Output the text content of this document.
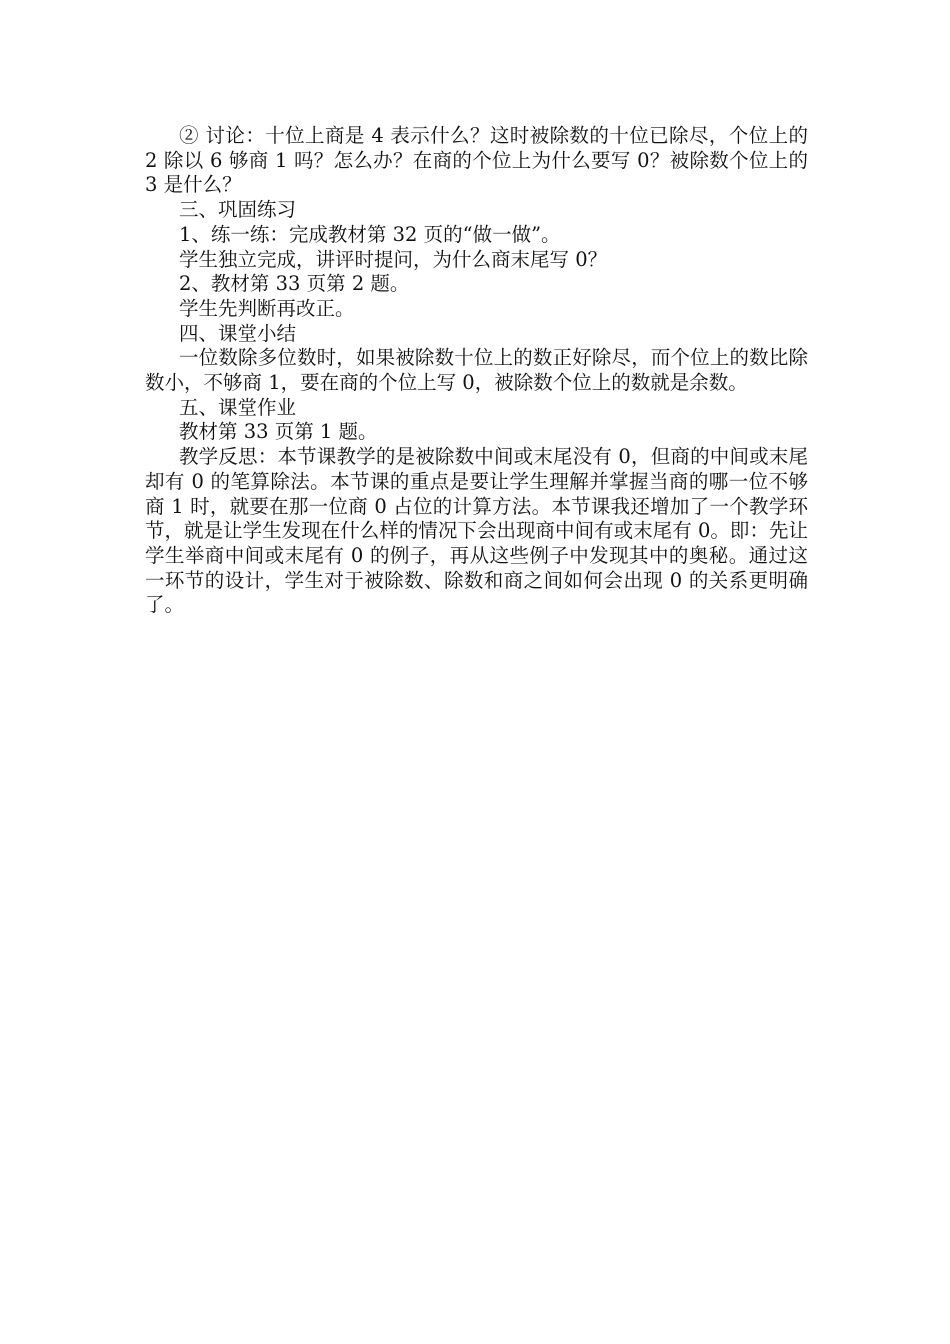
② 讨论：十位上商是 4 表示什么？这时被除数的十位已除尽，个位上的 2 除以 6 够商 1 吗？怎么办？在商的个位上为什么要写 0？被除数个位上的 3 是什么？

三、巩固练习

1、练一练：完成教材第 32 页的“做一做”。

学生独立完成，讲评时提问，为什么商末尾写 0？

2、教材第 33 页第 2 题。

学生先判断再改正。

四、课堂小结

一位数除多位数时，如果被除数十位上的数正好除尽，而个位上的数比除数小，不够商 1，要在商的个位上写 0，被除数个位上的数就是余数。

五、课堂作业

教材第 33 页第 1 题。

教学反思：本节课教学的是被除数中间或末尾没有 0，但商的中间或末尾却有 0 的笔算除法。本节课的重点是要让学生理解并掌握当商的哪一位不够商 1 时，就要在那一位商 0 占位的计算方法。本节课我还增加了一个教学环节，就是让学生发现在什么样的情况下会出现商中间有或末尾有 0。即：先让学生举商中间或末尾有 0 的例子，再从这些例子中发现其中的奥秘。通过这一环节的设计，学生对于被除数、除数和商之间如何会出现 0 的关系更明确了。
